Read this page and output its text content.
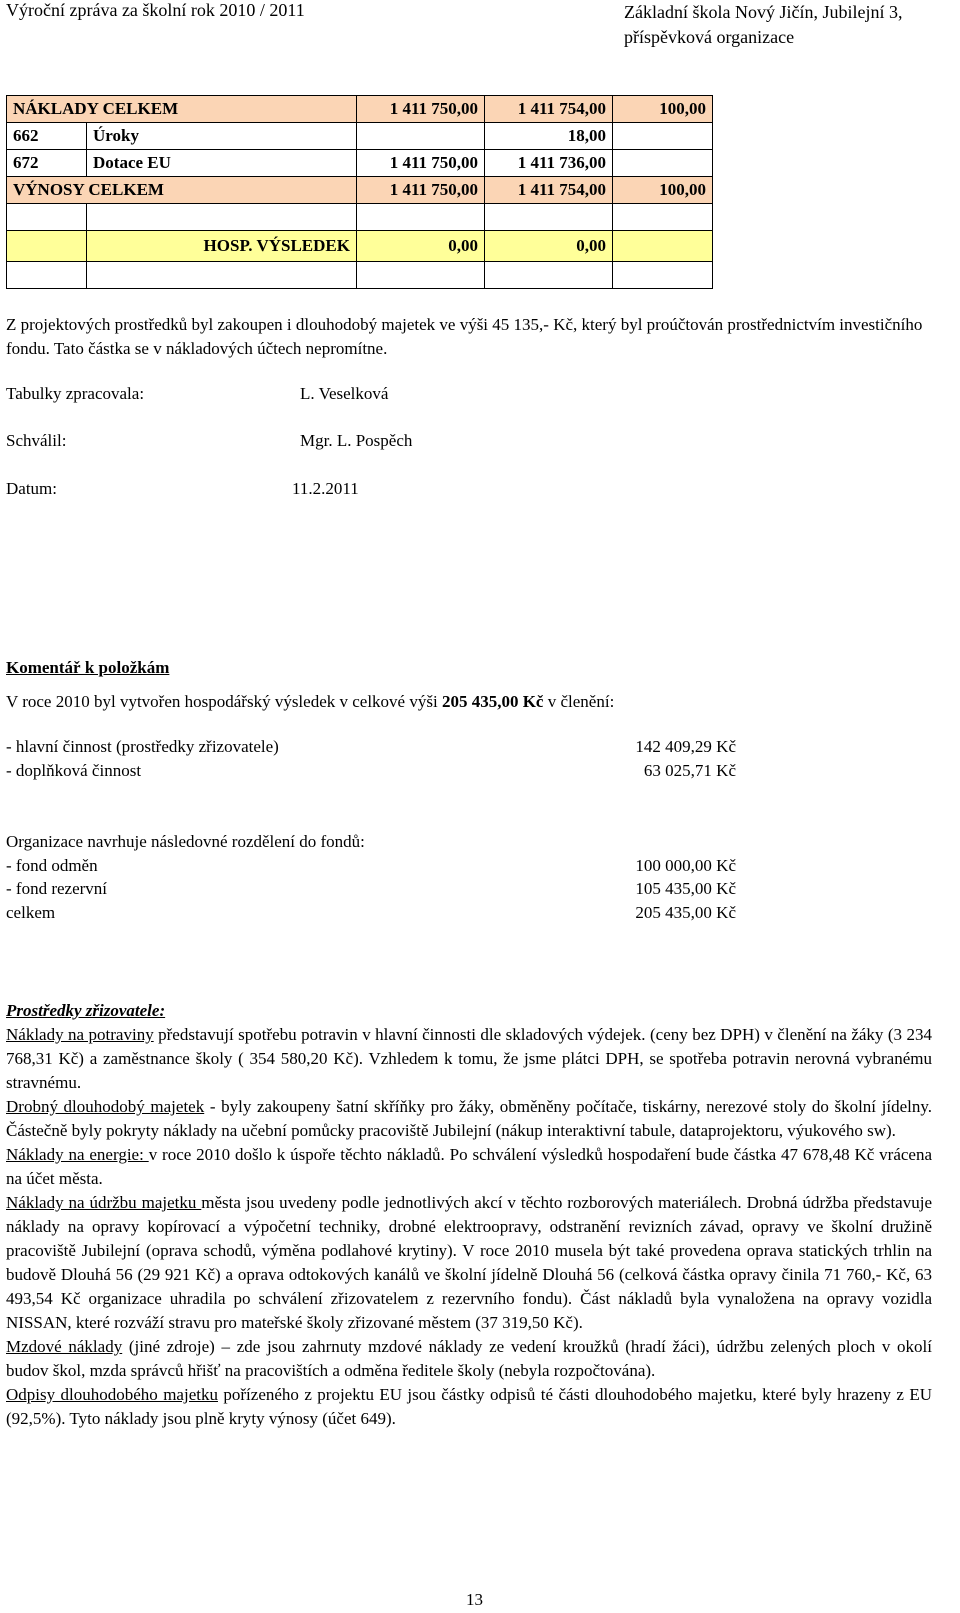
Výroční zpráva za školní rok 2010 / 2011	Základní škola Nový Jičín, Jubilejní 3,
příspěvková organizace
NÁKLADY CELKEM		1 411 750,00	1 411 754,00	100,00
662	Úroky		18,00	
672	Dotace EU	1 411 750,00	1 411 736,00	
VÝNOSY CELKEM		1 411 750,00	1 411 754,00	100,00

	HOSP. VÝSLEDEK	0,00	0,00	

Z projektových prostředků byl zakoupen i dlouhodobý majetek ve výši 45 135,- Kč, který byl proúčtován prostřednictvím investičního fondu. Tato částka se v nákladových účtech nepromítne.
Tabulky zpracovala:	L. Veselková
Schválil:	Mgr. L. Pospěch
Datum:	11.2.2011
Komentář k položkám
V roce 2010 byl vytvořen hospodářský výsledek v celkové výši 205 435,00 Kč v členění:
- hlavní činnost (prostředky zřizovatele)	142 409,29 Kč
- doplňková činnost	63 025,71 Kč
Organizace navrhuje následovné rozdělení do fondů:
- fond odměn	100 000,00 Kč
- fond rezervní	105 435,00 Kč
celkem	205 435,00 Kč

Prostředky zřizovatele:

Náklady na potraviny představují spotřebu potravin v hlavní činnosti dle skladových výdejek. (ceny bez DPH) v členění na žáky (3 234 768,31 Kč) a zaměstnance školy ( 354 580,20 Kč). Vzhledem k tomu, že jsme plátci DPH, se spotřeba potravin nerovná vybranému stravnému.

Drobný dlouhodobý majetek - byly zakoupeny šatní skříňky pro žáky, obměněny počítače, tiskárny, nerezové stoly do školní jídelny. Částečně byly pokryty náklady na učební pomůcky pracoviště Jubilejní (nákup interaktivní tabule, dataprojektoru, výukového sw).

Náklady na energie: v roce 2010 došlo k úspoře těchto nákladů. Po schválení výsledků hospodaření bude částka 47 678,48 Kč vrácena na účet města.

Náklady na údržbu majetku města jsou uvedeny podle jednotlivých akcí v těchto rozborových materiálech. Drobná údržba představuje náklady na opravy kopírovací a výpočetní techniky, drobné elektroopravy, odstranění revizních závad, opravy ve školní družině pracoviště Jubilejní (oprava schodů, výměna podlahové krytiny). V roce 2010 musela být také provedena oprava statických trhlin na budově Dlouhá 56 (29 921 Kč) a oprava odtokových kanálů ve školní jídelně Dlouhá 56 (celková částka opravy činila 71 760,- Kč, 63 493,54 Kč organizace uhradila po schválení zřizovatelem z rezervního fondu). Část nákladů byla vynaložena na opravy vozidla NISSAN, které rozváží stravu pro mateřské školy zřizované městem (37 319,50 Kč).

Mzdové náklady (jiné zdroje) – zde jsou zahrnuty mzdové náklady ze vedení kroužků (hradí žáci), údržbu zelených ploch v okolí budov škol, mzda správců hřišť na pracovištích a odměna ředitele školy (nebyla rozpočtována).

Odpisy dlouhodobého majetku pořízeného z projektu EU jsou částky odpisů té části dlouhodobého majetku, které byly hrazeny z EU (92,5%). Tyto náklady jsou plně kryty výnosy (účet 649).

13
